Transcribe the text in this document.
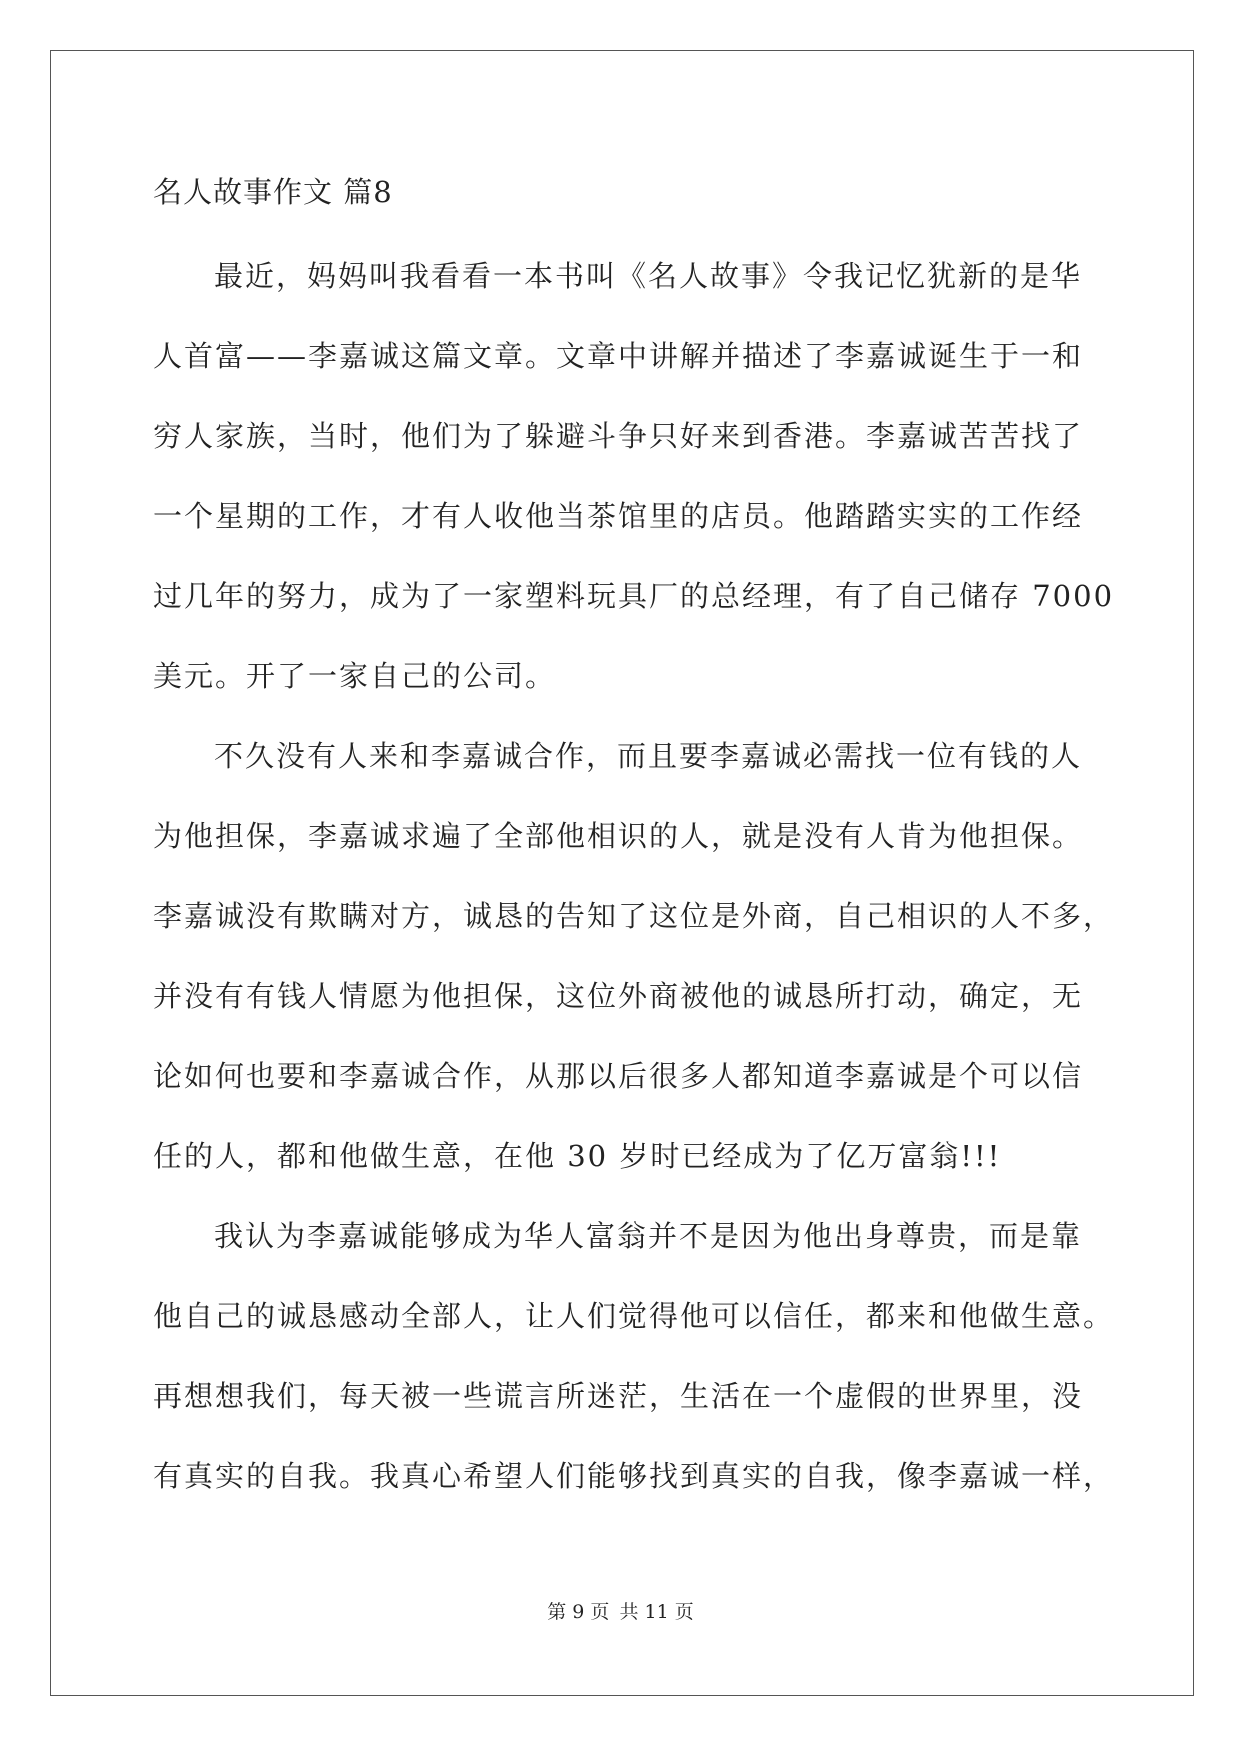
名人故事作文 篇8
最近，妈妈叫我看看一本书叫《名人故事》令我记忆犹新的是华
人首富——李嘉诚这篇文章。文章中讲解并描述了李嘉诚诞生于一和
穷人家族，当时，他们为了躲避斗争只好来到香港。李嘉诚苦苦找了
一个星期的工作，才有人收他当茶馆里的店员。他踏踏实实的工作经
过几年的努力，成为了一家塑料玩具厂的总经理，有了自己储存 7000
美元。开了一家自己的公司。
不久没有人来和李嘉诚合作，而且要李嘉诚必需找一位有钱的人
为他担保，李嘉诚求遍了全部他相识的人，就是没有人肯为他担保。
李嘉诚没有欺瞒对方，诚恳的告知了这位是外商，自己相识的人不多，
并没有有钱人情愿为他担保，这位外商被他的诚恳所打动，确定，无
论如何也要和李嘉诚合作，从那以后很多人都知道李嘉诚是个可以信
任的人，都和他做生意，在他 30 岁时已经成为了亿万富翁!!!
我认为李嘉诚能够成为华人富翁并不是因为他出身尊贵，而是靠
他自己的诚恳感动全部人，让人们觉得他可以信任，都来和他做生意。
再想想我们，每天被一些谎言所迷茫，生活在一个虚假的世界里，没
有真实的自我。我真心希望人们能够找到真实的自我，像李嘉诚一样，
第 9 页 共 11 页
